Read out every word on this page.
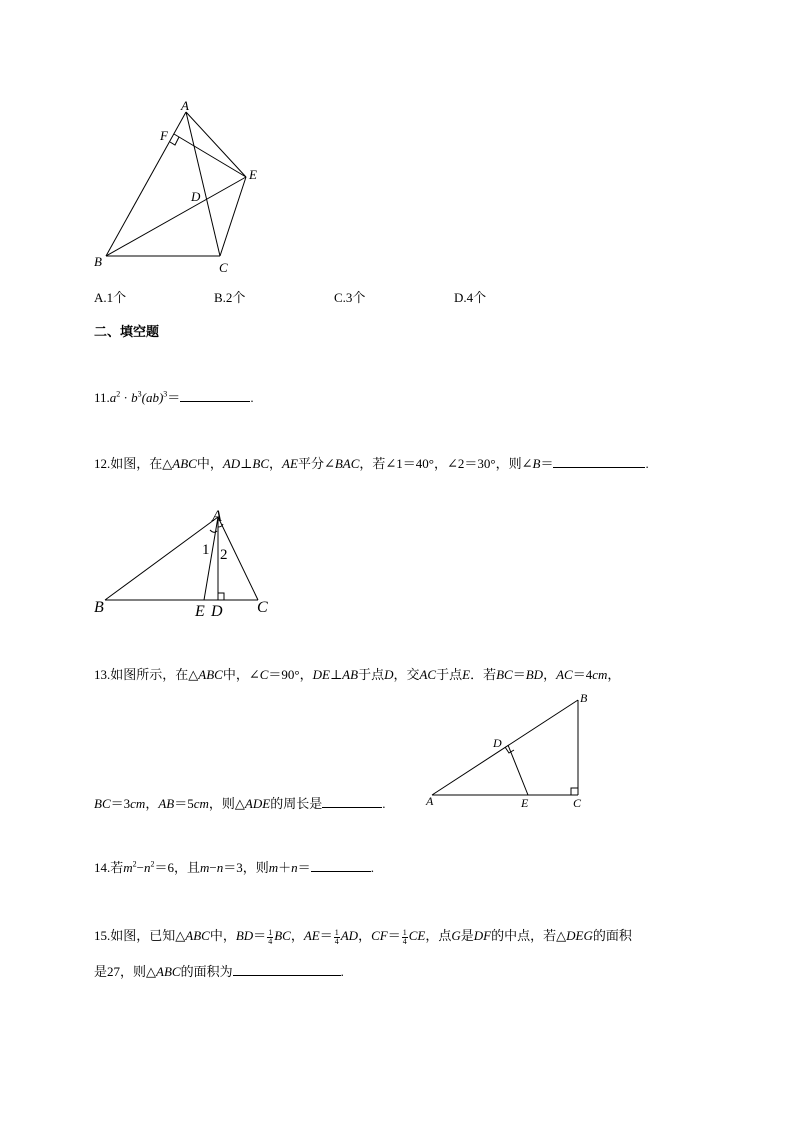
A
F
E
D
B	C
A.1个	B.2个	C.3个	D.4个
二、填空题
$11.a^2 \cdot b^3(ab)^3=$	.
12.如图，在△ABC中，AD⊥BC，AE平分∠BAC，若∠1＝40°，∠2＝30°，则∠B＝	.
A
1 2
B	E D C
13.如图所示，在△ABC中，∠C＝90°，DE⊥AB于点D，交AC于点E．若BC＝BD，AC＝4cm，
B
D
A	E	C
BC＝3cm，AB＝5cm，则△ADE的周长是	.
14.若$m^2-n^2=6$，且m−n＝3，则m＋n＝	.
15.如图，已知△ABC中，$BD= \frac{1}{4}$ BC，$AE= \frac{1}{4}$ AD，$CF= \frac{1}{4}$ CE，点G是DF的中点，若△DEG的面积
是27，则△ABC的面积为	.
